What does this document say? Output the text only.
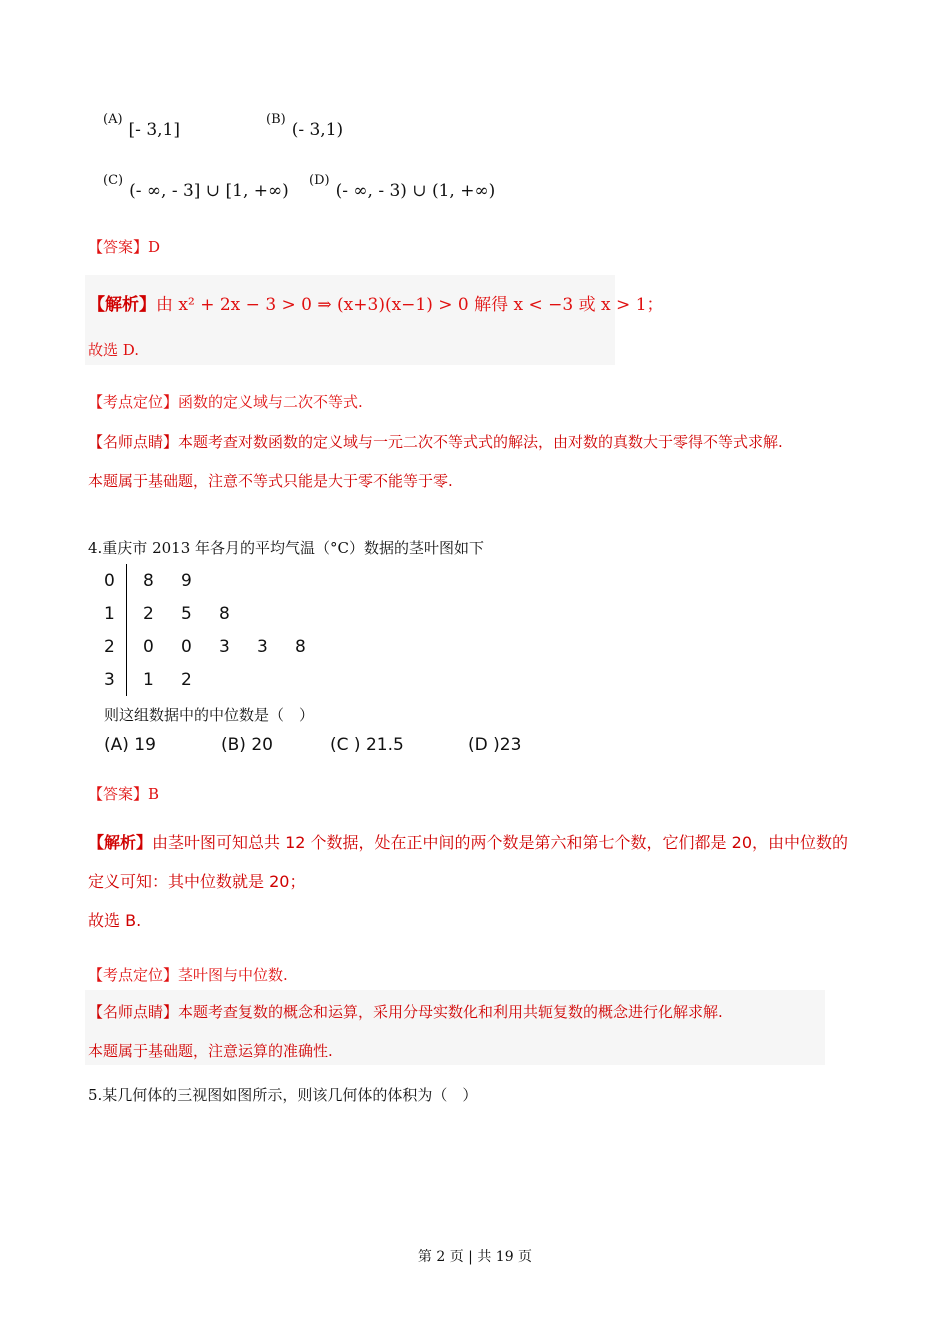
$^{(A)}$[- 3,1]
$^{(B)}$(- 3,1)
$^{(C)}$(- ∞, - 3] ∪ [1, +∞)
$^{(D)}$(- ∞, - 3) ∪ (1, +∞)
【答案】D
【解析】由 x² + 2x − 3 > 0 ⇒ (x+3)(x−1) > 0 解得 x < −3 或 x > 1；
故选 D.
【考点定位】函数的定义域与二次不等式.
【名师点睛】本题考查对数函数的定义域与一元二次不等式式的解法，由对数的真数大于零得不等式求解.
本题属于基础题，注意不等式只能是大于零不能等于零.
4.重庆市 2013 年各月的平均气温（°C）数据的茎叶图如下
0	8	9			
1	2	5	8		
2	0	0	3	3	8
3	1	2			
则这组数据中的中位数是（　）
(A) 19	(B) 20	(C ) 21.5	(D )23
【答案】B
【解析】由茎叶图可知总共 12 个数据，处在正中间的两个数是第六和第七个数，它们都是 20，由中位数的
定义可知：其中位数就是 20；
故选 B.
【考点定位】茎叶图与中位数.
【名师点睛】本题考查复数的概念和运算，采用分母实数化和利用共轭复数的概念进行化解求解.
本题属于基础题，注意运算的准确性.
5.某几何体的三视图如图所示，则该几何体的体积为（　）
第 2 页 | 共 19 页
